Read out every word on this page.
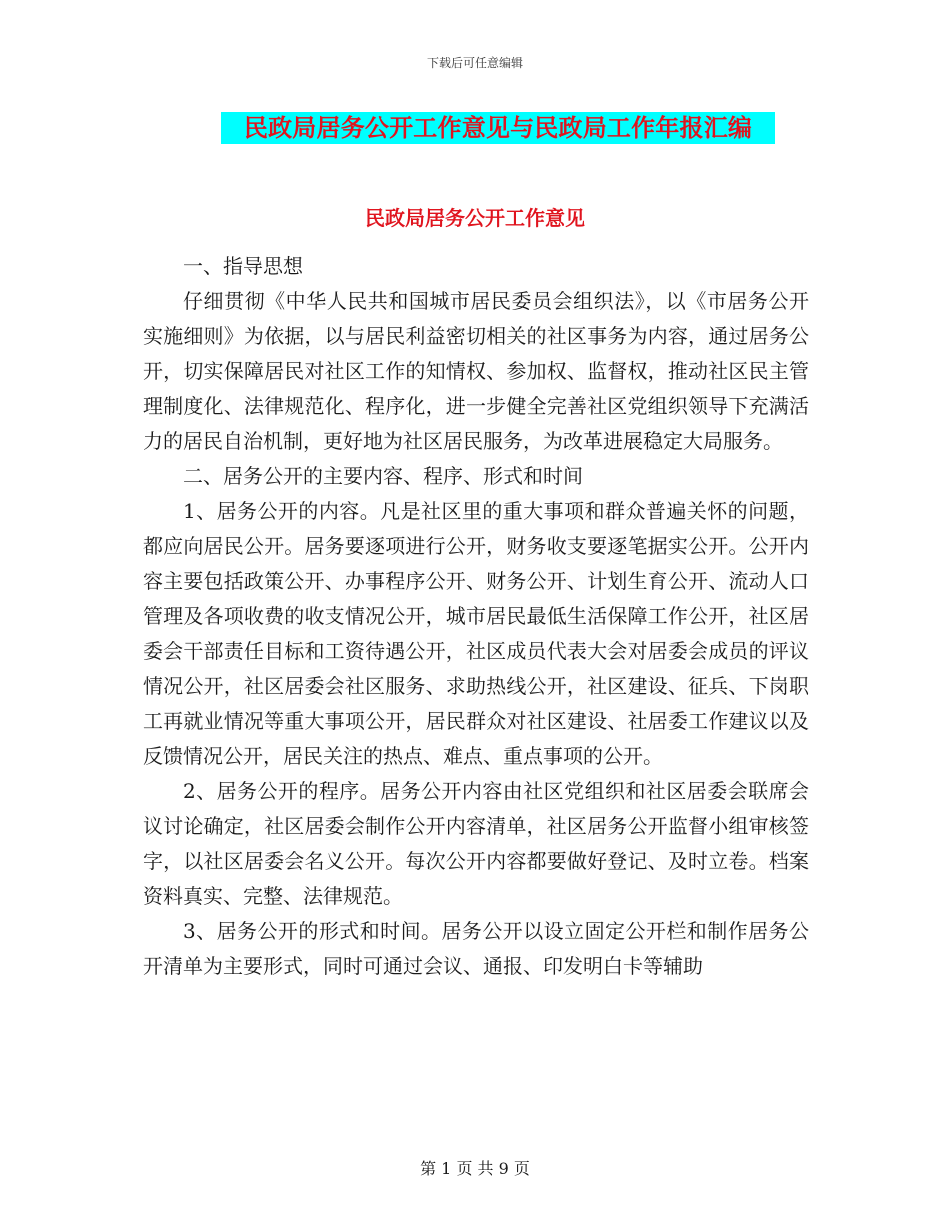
下载后可任意编辑
民政局居务公开工作意见与民政局工作年报汇编
民政局居务公开工作意见

一、指导思想

仔细贯彻《中华人民共和国城市居民委员会组织法》，以《市居务公开实施细则》为依据，以与居民利益密切相关的社区事务为内容，通过居务公开，切实保障居民对社区工作的知情权、参加权、监督权，推动社区民主管理制度化、法律规范化、程序化，进一步健全完善社区党组织领导下充满活力的居民自治机制，更好地为社区居民服务，为改革进展稳定大局服务。

二、居务公开的主要内容、程序、形式和时间

1、居务公开的内容。凡是社区里的重大事项和群众普遍关怀的问题，都应向居民公开。居务要逐项进行公开，财务收支要逐笔据实公开。公开内容主要包括政策公开、办事程序公开、财务公开、计划生育公开、流动人口管理及各项收费的收支情况公开，城市居民最低生活保障工作公开，社区居委会干部责任目标和工资待遇公开，社区成员代表大会对居委会成员的评议情况公开，社区居委会社区服务、求助热线公开，社区建设、征兵、下岗职工再就业情况等重大事项公开，居民群众对社区建设、社居委工作建议以及反馈情况公开，居民关注的热点、难点、重点事项的公开。

2、居务公开的程序。居务公开内容由社区党组织和社区居委会联席会议讨论确定，社区居委会制作公开内容清单，社区居务公开监督小组审核签字，以社区居委会名义公开。每次公开内容都要做好登记、及时立卷。档案资料真实、完整、法律规范。

3、居务公开的形式和时间。居务公开以设立固定公开栏和制作居务公开清单为主要形式，同时可通过会议、通报、印发明白卡等辅助

第 1 页 共 9 页
